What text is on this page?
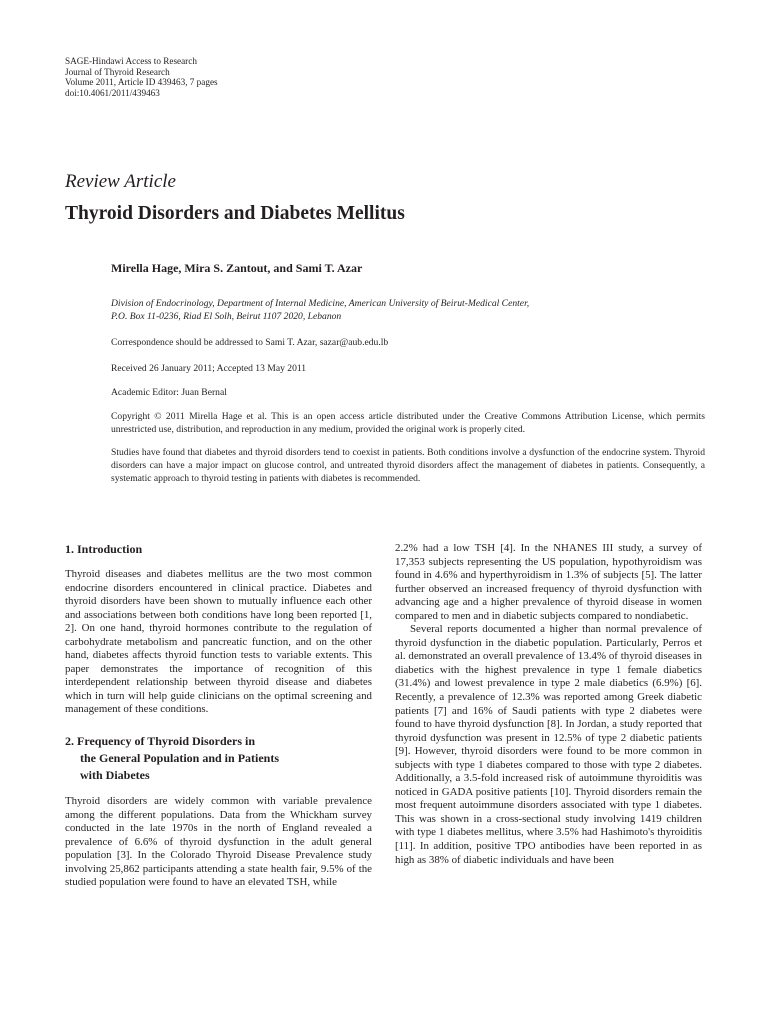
SAGE-Hindawi Access to Research
Journal of Thyroid Research
Volume 2011, Article ID 439463, 7 pages
doi:10.4061/2011/439463
Review Article
Thyroid Disorders and Diabetes Mellitus
Mirella Hage, Mira S. Zantout, and Sami T. Azar
Division of Endocrinology, Department of Internal Medicine, American University of Beirut-Medical Center,
P.O. Box 11-0236, Riad El Solh, Beirut 1107 2020, Lebanon
Correspondence should be addressed to Sami T. Azar, sazar@aub.edu.lb
Received 26 January 2011; Accepted 13 May 2011
Academic Editor: Juan Bernal
Copyright © 2011 Mirella Hage et al. This is an open access article distributed under the Creative Commons Attribution License, which permits unrestricted use, distribution, and reproduction in any medium, provided the original work is properly cited.
Studies have found that diabetes and thyroid disorders tend to coexist in patients. Both conditions involve a dysfunction of the endocrine system. Thyroid disorders can have a major impact on glucose control, and untreated thyroid disorders affect the management of diabetes in patients. Consequently, a systematic approach to thyroid testing in patients with diabetes is recommended.
1. Introduction

Thyroid diseases and diabetes mellitus are the two most common endocrine disorders encountered in clinical practice. Diabetes and thyroid disorders have been shown to mutually influence each other and associations between both conditions have long been reported [1, 2]. On one hand, thyroid hormones contribute to the regulation of carbohydrate metabolism and pancreatic function, and on the other hand, diabetes affects thyroid function tests to variable extents. This paper demonstrates the importance of recognition of this interdependent relationship between thyroid disease and diabetes which in turn will help guide clinicians on the optimal screening and management of these conditions.

2. Frequency of Thyroid Disorders in
the General Population and in Patients
with Diabetes

Thyroid disorders are widely common with variable prevalence among the different populations. Data from the Whickham survey conducted in the late 1970s in the north of England revealed a prevalence of 6.6% of thyroid dysfunction in the adult general population [3]. In the Colorado Thyroid Disease Prevalence study involving 25,862 participants attending a state health fair, 9.5% of the studied population were found to have an elevated TSH, while

2.2% had a low TSH [4]. In the NHANES III study, a survey of 17,353 subjects representing the US population, hypothyroidism was found in 4.6% and hyperthyroidism in 1.3% of subjects [5]. The latter further observed an increased frequency of thyroid dysfunction with advancing age and a higher prevalence of thyroid disease in women compared to men and in diabetic subjects compared to nondiabetic.

Several reports documented a higher than normal prevalence of thyroid dysfunction in the diabetic population. Particularly, Perros et al. demonstrated an overall prevalence of 13.4% of thyroid diseases in diabetics with the highest prevalence in type 1 female diabetics (31.4%) and lowest prevalence in type 2 male diabetics (6.9%) [6]. Recently, a prevalence of 12.3% was reported among Greek diabetic patients [7] and 16% of Saudi patients with type 2 diabetes were found to have thyroid dysfunction [8]. In Jordan, a study reported that thyroid dysfunction was present in 12.5% of type 2 diabetic patients [9]. However, thyroid disorders were found to be more common in subjects with type 1 diabetes compared to those with type 2 diabetes. Additionally, a 3.5-fold increased risk of autoimmune thyroiditis was noticed in GADA positive patients [10]. Thyroid disorders remain the most frequent autoimmune disorders associated with type 1 diabetes. This was shown in a cross-sectional study involving 1419 children with type 1 diabetes mellitus, where 3.5% had Hashimoto's thyroiditis [11]. In addition, positive TPO antibodies have been reported in as high as 38% of diabetic individuals and have been
